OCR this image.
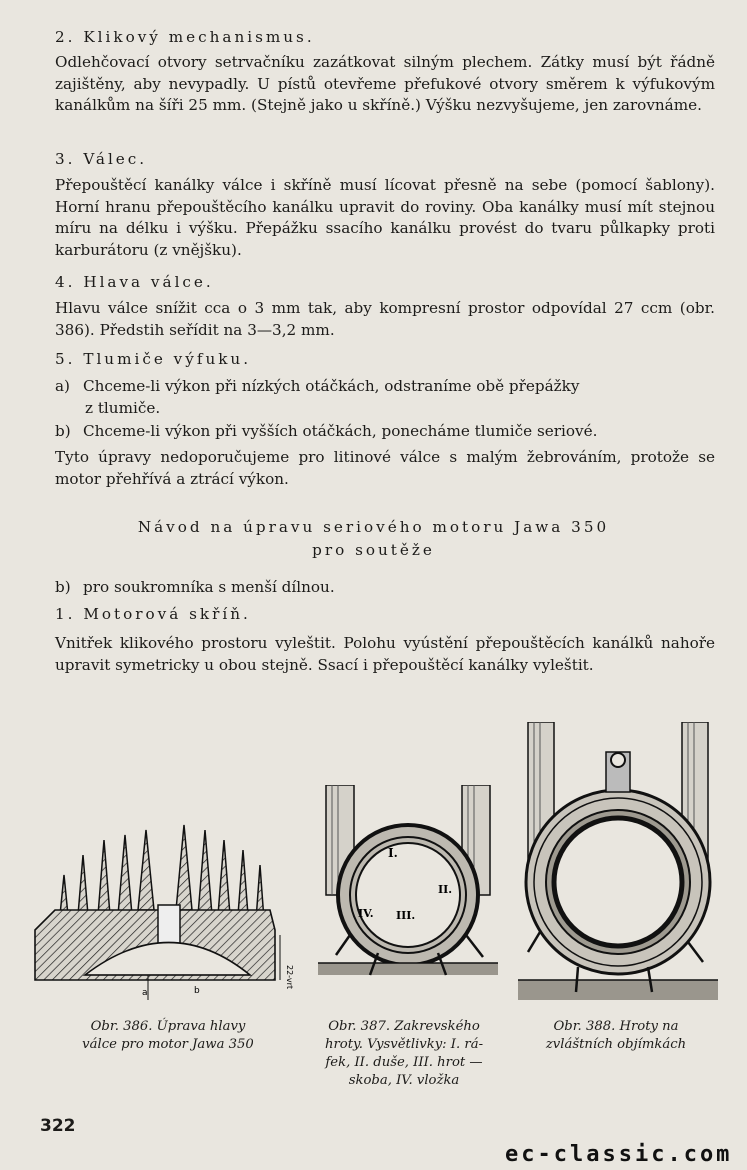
2. Klikový mechanismus.
Odlehčovací otvory setrvačníku zazátkovat silným plechem. Zátky musí být řádně zajištěny, aby nevypadly. U pístů otevřeme přefukové otvory směrem k výfukovým kanálkům na šíři 25 mm. (Stejně jako u skříně.) Výšku nezvyšujeme, jen zarovnáme.
3. Válec.
Přepouštěcí kanálky válce i skříně musí lícovat přesně na sebe (pomocí šablony). Horní hranu přepouštěcího kanálku upravit do roviny. Oba kanálky musí mít stejnou míru na délku i výšku. Přepážku ssacího kanálku provést do tvaru půlkapky proti karburátoru (z vnějšku).
4. Hlava válce.
Hlavu válce snížit cca o 3 mm tak, aby kompresní prostor odpovídal 27 ccm (obr. 386). Předstih seřídit na 3—3,2 mm.
5. Tlumiče výfuku.
a) Chceme-li výkon při nízkých otáčkách, odstraníme obě přepážky
z tlumiče.
b) Chceme-li výkon při vyšších otáčkách, ponecháme tlumiče seriové.
Tyto úpravy nedoporučujeme pro litinové válce s malým žebrováním, protože se motor přehřívá a ztrácí výkon.
Návod na úpravu seriového motoru Jawa 350
pro soutěže
b) pro soukromníka s menší dílnou.
1. Motorová skříň.
Vnitřek klikového prostoru vyleštit. Polohu vyústění přepouštěcích kanálků nahoře upravit symetricky u obou stejně. Ssací i přepouštěcí kanálky vyleštit.
22-vrt
a	b
Obr. 386. Úprava hlavy
válce pro motor Jawa 350
I.
II.
IV. III.
Obr. 387. Zakrevského
hroty. Vysvětlivky: I. rá-
fek, II. duše, III. hrot —
skoba, IV. vložka
Obr. 388. Hroty na
zvláštních objímkách
322
ec-classic.com
